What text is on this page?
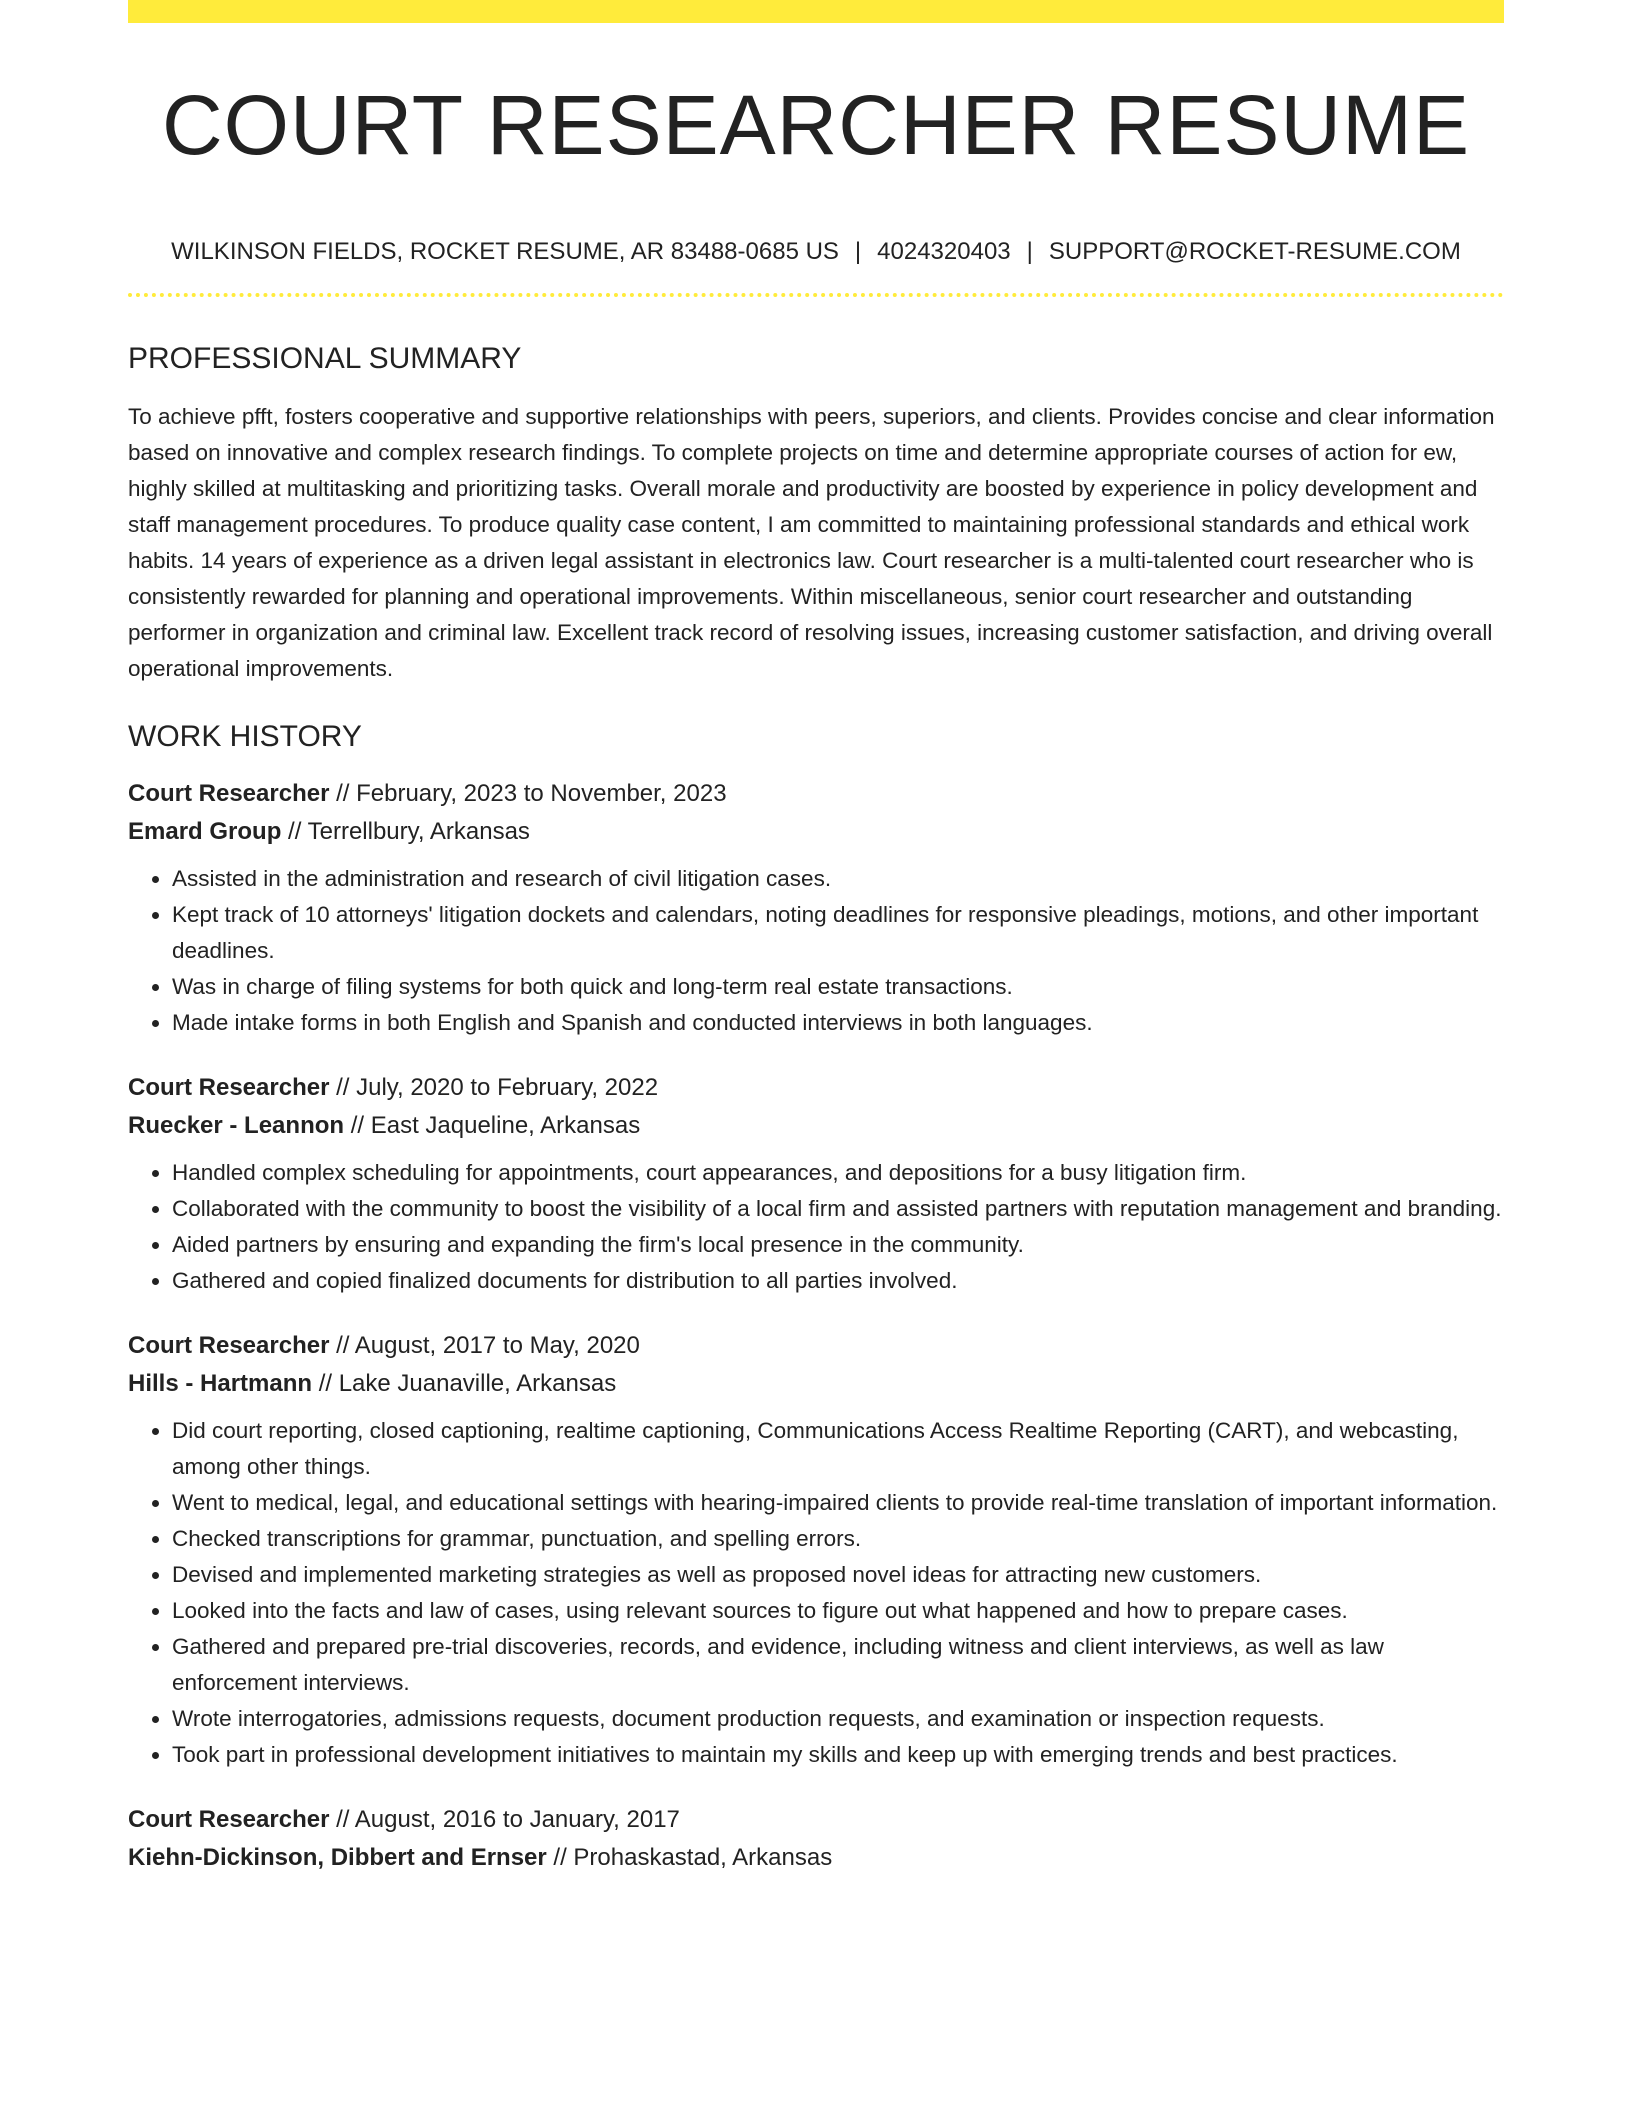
COURT RESEARCHER RESUME
WILKINSON FIELDS, ROCKET RESUME, AR 83488-0685 US | 4024320403 | SUPPORT@ROCKET-RESUME.COM
PROFESSIONAL SUMMARY

To achieve pfft, fosters cooperative and supportive relationships with peers, superiors, and clients. Provides concise and clear information based on innovative and complex research findings. To complete projects on time and determine appropriate courses of action for ew, highly skilled at multitasking and prioritizing tasks. Overall morale and productivity are boosted by experience in policy development and staff management procedures. To produce quality case content, I am committed to maintaining professional standards and ethical work habits. 14 years of experience as a driven legal assistant in electronics law. Court researcher is a multi-talented court researcher who is consistently rewarded for planning and operational improvements. Within miscellaneous, senior court researcher and outstanding performer in organization and criminal law. Excellent track record of resolving issues, increasing customer satisfaction, and driving overall operational improvements.

WORK HISTORY

Court Researcher // February, 2023 to November, 2023

Emard Group // Terrellbury, Arkansas

• Assisted in the administration and research of civil litigation cases.
• Kept track of 10 attorneys' litigation dockets and calendars, noting deadlines for responsive pleadings, motions, and other important deadlines.
• Was in charge of filing systems for both quick and long-term real estate transactions.
• Made intake forms in both English and Spanish and conducted interviews in both languages.

Court Researcher // July, 2020 to February, 2022

Ruecker - Leannon // East Jaqueline, Arkansas

• Handled complex scheduling for appointments, court appearances, and depositions for a busy litigation firm.
• Collaborated with the community to boost the visibility of a local firm and assisted partners with reputation management and branding.
• Aided partners by ensuring and expanding the firm's local presence in the community.
• Gathered and copied finalized documents for distribution to all parties involved.

Court Researcher // August, 2017 to May, 2020

Hills - Hartmann // Lake Juanaville, Arkansas

• Did court reporting, closed captioning, realtime captioning, Communications Access Realtime Reporting (CART), and webcasting, among other things.
• Went to medical, legal, and educational settings with hearing-impaired clients to provide real-time translation of important information.
• Checked transcriptions for grammar, punctuation, and spelling errors.
• Devised and implemented marketing strategies as well as proposed novel ideas for attracting new customers.
• Looked into the facts and law of cases, using relevant sources to figure out what happened and how to prepare cases.
• Gathered and prepared pre-trial discoveries, records, and evidence, including witness and client interviews, as well as law enforcement interviews.
• Wrote interrogatories, admissions requests, document production requests, and examination or inspection requests.
• Took part in professional development initiatives to maintain my skills and keep up with emerging trends and best practices.

Court Researcher // August, 2016 to January, 2017

Kiehn-Dickinson, Dibbert and Ernser // Prohaskastad, Arkansas
